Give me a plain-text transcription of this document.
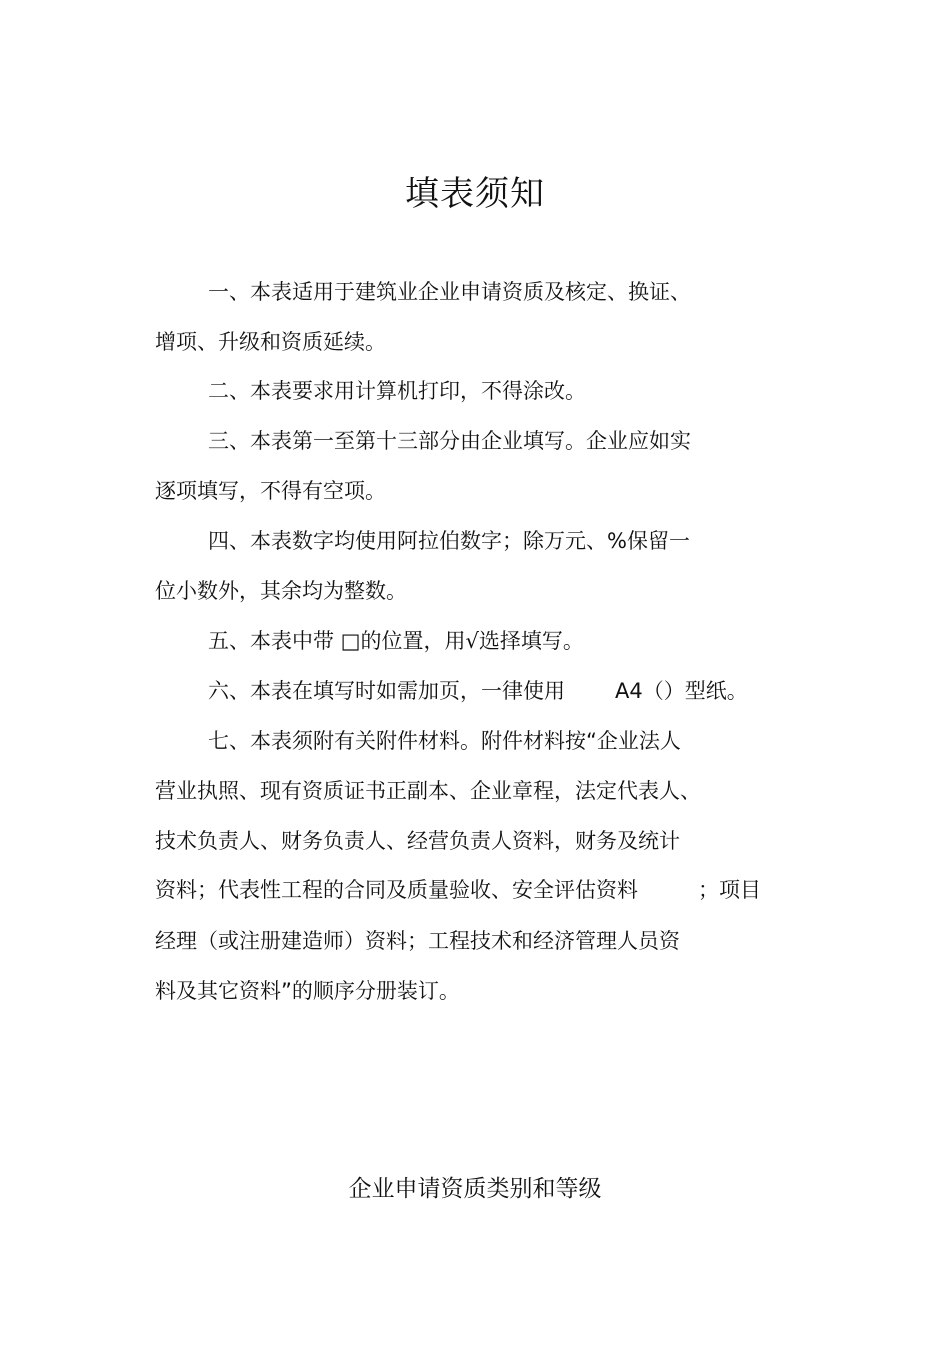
填表须知
一、本表适用于建筑业企业申请资质及核定、换证、
增项、升级和资质延续。
二、本表要求用计算机打印，不得涂改。
三、本表第一至第十三部分由企业填写。企业应如实
逐项填写，不得有空项。
四、本表数字均使用阿拉伯数字；除万元、%保留一
位小数外，其余均为整数。
五、本表中带 □的位置，用√选择填写。
六、本表在填写时如需加页，一律使用 A4（）型纸。
七、本表须附有关附件材料。附件材料按“企业法人
营业执照、现有资质证书正副本、企业章程，法定代表人、
技术负责人、财务负责人、经营负责人资料，财务及统计
资料；代表性工程的合同及质量验收、安全评估资料	；项目
经理（或注册建造师）资料；工程技术和经济管理人员资
料及其它资料”的顺序分册装订。
企业申请资质类别和等级
